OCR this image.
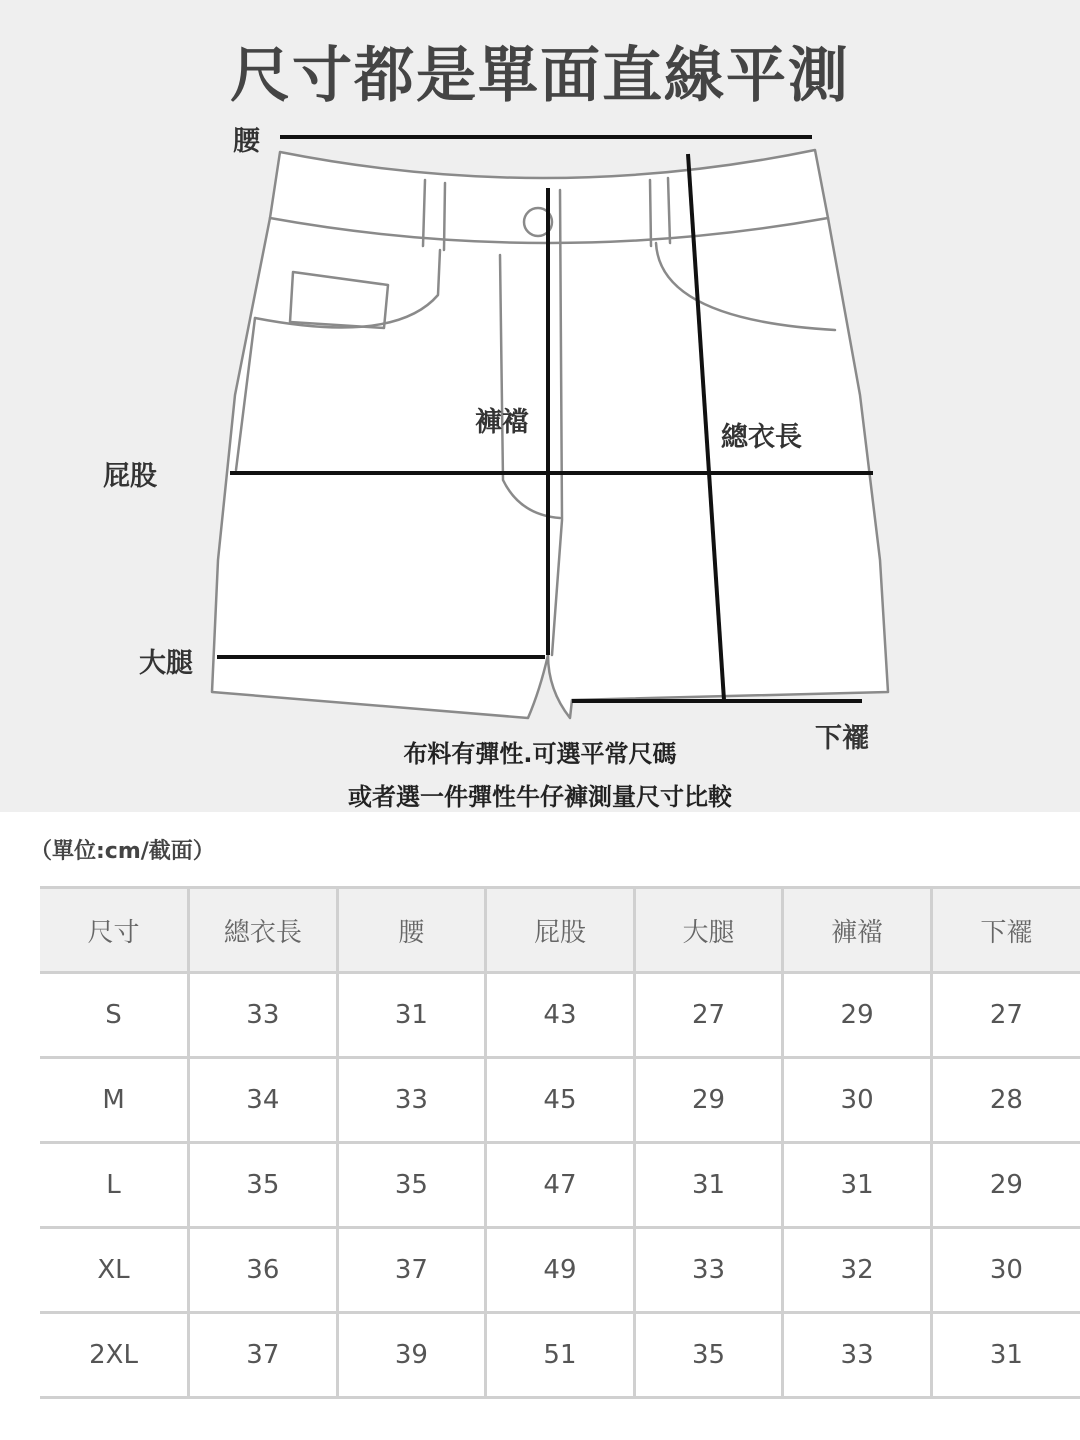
尺寸都是單面直線平測
腰
褲襠	總衣長
屁股
大腿
下襬
布料有彈性.可選平常尺碼
或者選一件彈性牛仔褲測量尺寸比較
（單位:cm/截面）
尺寸	總衣長	腰	屁股	大腿	褲襠	下襬
S	33	31	43	27	29	27
M	34	33	45	29	30	28
L	35	35	47	31	31	29
XL	36	37	49	33	32	30
2XL	37	39	51	35	33	31
